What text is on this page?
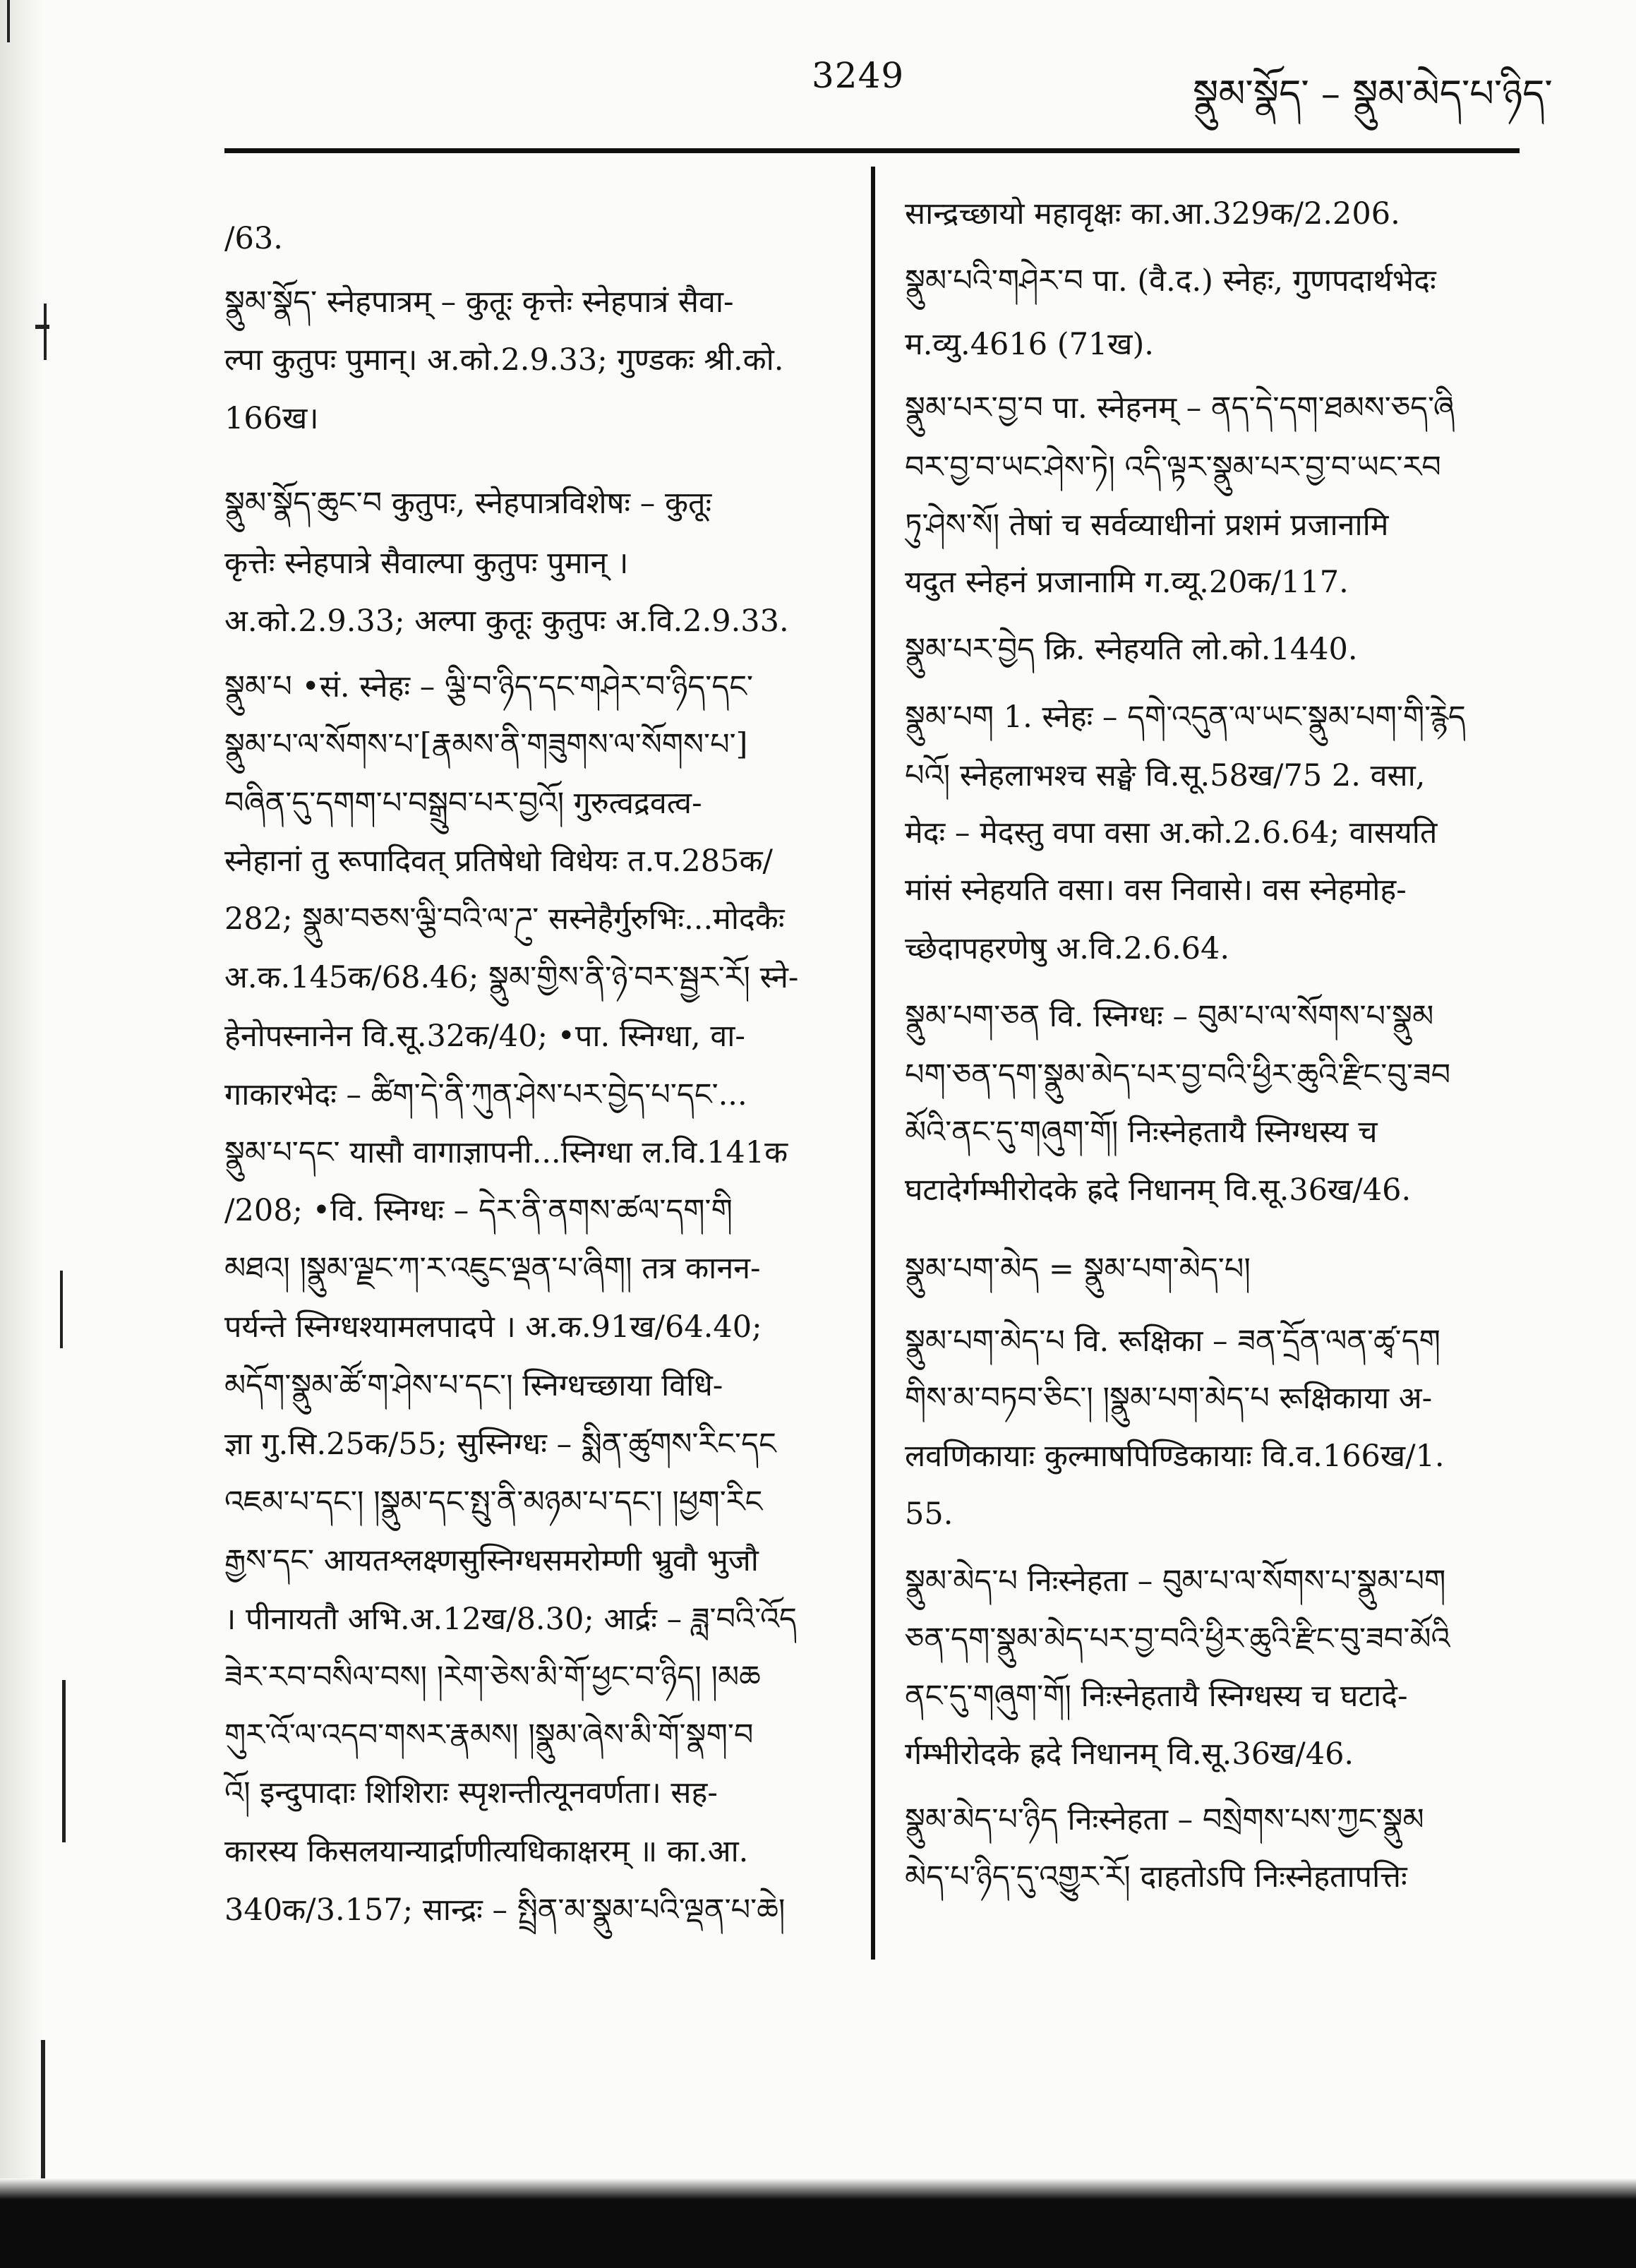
3249	སྣུམ་སྣོད་ – སྣུམ་མེད་པ་ཉིད་
/63.
སྣུམ་སྣོད་ स्नेहपात्रम् – कुतूः कृत्तेः स्नेहपात्रं सैवा-
ल्पा कुतुपः पुमान्। अ.को.2.9.33; गुण्डकः श्री.को.
166ख।
སྣུམ་སྣོད་ཆུང་བ कुतुपः, स्नेहपात्रविशेषः – कुतूः
कृत्तेः स्नेहपात्रे सैवाल्पा कुतुपः पुमान् ।
अ.को.2.9.33; अल्पा कुतूः कुतुपः अ.वि.2.9.33.
སྣུམ་པ •सं. स्नेहः – ལྕི་བ་ཉིད་དང་གཤེར་བ་ཉིད་དང་
སྣུམ་པ་ལ་སོགས་པ་[རྣམས་ནི་གཟུགས་ལ་སོགས་པ་]
བཞིན་དུ་དགག་པ་བསྒྲུབ་པར་བྱའོ། गुरुत्वद्रवत्व-
स्नेहानां तु रूपादिवत् प्रतिषेधो विधेयः त.प.285क/
282; སྣུམ་བཅས་ལྕི་བའི་ལ་ཌུ་ सस्नेहैर्गुरुभिः...मोदकैः
अ.क.145क/68.46; སྣུམ་གྱིས་ནི་ཉེ་བར་སྦྱར་རོ། स्ने-
हेनोपस्नानेन वि.सू.32क/40; •पा. स्निग्धा, वा-
गाकारभेदः – ཚིག་དེ་ནི་ཀུན་ཤེས་པར་བྱེད་པ་དང་...
སྣུམ་པ་དང་ यासौ वागाज्ञापनी...स्निग्धा ल.वि.141क
/208; •वि. स्निग्धः – དེར་ནི་ནགས་ཚལ་དག་གི
མཐའ། །སྣུམ་ལྗང་ཀ་ར་འཇུང་ལྡན་པ་ཞིག། तत्र कानन-
पर्यन्ते स्निग्धश्यामलपादपे । अ.क.91ख/64.40;
མདོག་སྣུམ་ཚོ་ག་ཤེས་པ་དང་། स्निग्धच्छाया विधि-
ज्ञा गु.सि.25क/55; सुस्निग्धः – སྨིན་ཚུགས་རིང་དང
འཇམ་པ་དང་། །སྣུམ་དང་སྤུ་ནི་མཉམ་པ་དང་། །ཕྱག་རིང
རྒྱས་དང་ आयतश्लक्ष्णसुस्निग्धसमरोम्णी भ्रुवौ भुजौ
। पीनायतौ अभि.अ.12ख/8.30; आर्द्रः – ཟླ་བའི་འོད
ཟེར་རབ་བསིལ་བས། །རེག་ཅེས་མི་གོ་ཕྱང་བ་ཉིད། །མཆ
གུར་འོ་ལ་འདབ་གསར་རྣམས། །སྣུམ་ཞེས་མི་གོ་སྣག་བ
འོ། इन्दुपादाः शिशिराः स्पृशन्तीत्यूनवर्णता। सह-
कारस्य किसलयान्यार्द्राणीत्यधिकाक्षरम् ॥ का.आ.
340क/3.157; सान्द्रः – སྤྲིན་མ་སྣུམ་པའི་ལྡན་པ་ཆེ།
सान्द्रच्छायो महावृक्षः का.आ.329क/2.206.
སྣུམ་པའི་གཤེར་བ पा. (वै.द.) स्नेहः, गुणपदार्थभेदः
म.व्यु.4616 (71ख).
སྣུམ་པར་བྱ་བ पा. स्नेहनम् – ནད་དེ་དག་ཐམས་ཅད་ཞི
བར་བྱ་བ་ཡང་ཤེས་ཏེ། འདི་ལྟར་སྣུམ་པར་བྱ་བ་ཡང་རབ
ཏུ་ཤེས་སོ། तेषां च सर्वव्याधीनां प्रशमं प्रजानामि
यदुत स्नेहनं प्रजानामि ग.व्यू.20क/117.
སྣུམ་པར་བྱེད क्रि. स्नेहयति लो.को.1440.
སྣུམ་པག 1. स्नेहः – དགེ་འདུན་ལ་ཡང་སྣུམ་པག་གི་རྙེད
པའོ། स्नेहलाभश्च सङ्घे वि.सू.58ख/75 2. वसा,
मेदः – मेदस्तु वपा वसा अ.को.2.6.64; वासयति
मांसं स्नेहयति वसा। वस निवासे। वस स्नेहमोह-
च्छेदापहरणेषु अ.वि.2.6.64.
སྣུམ་པག་ཅན वि. स्निग्धः – བུམ་པ་ལ་སོགས་པ་སྣུམ
པག་ཅན་དག་སྣུམ་མེད་པར་བྱ་བའི་ཕྱིར་ཆུའི་རྫིང་བུ་ཟབ
མོའི་ནང་དུ་གཞུག་གོ། निःस्नेहतायै स्निग्धस्य च
घटादेर्गम्भीरोदके ह्रदे निधानम् वि.सू.36ख/46.
སྣུམ་པག་མེད = སྣུམ་པག་མེད་པ།
སྣུམ་པག་མེད་པ वि. रूक्षिका – ཟན་དྲོན་ལན་ཚྭ་དག
གིས་མ་བཏབ་ཅིང་། །སྣུམ་པག་མེད་པ रूक्षिकाया अ-
लवणिकायाः कुल्माषपिण्डिकायाः वि.व.166ख/1.
55.
སྣུམ་མེད་པ निःस्नेहता – བུམ་པ་ལ་སོགས་པ་སྣུམ་པག
ཅན་དག་སྣུམ་མེད་པར་བྱ་བའི་ཕྱིར་ཆུའི་རྫིང་བུ་ཟབ་མོའི
ནང་དུ་གཞུག་གོ། निःस्नेहतायै स्निग्धस्य च घटादे-
र्गम्भीरोदके ह्रदे निधानम् वि.सू.36ख/46.
སྣུམ་མེད་པ་ཉིད निःस्नेहता – བསྲེགས་པས་ཀྱང་སྣུམ
མེད་པ་ཉིད་དུ་འགྱུར་རོ། दाहतोऽपि निःस्नेहतापत्तिः
